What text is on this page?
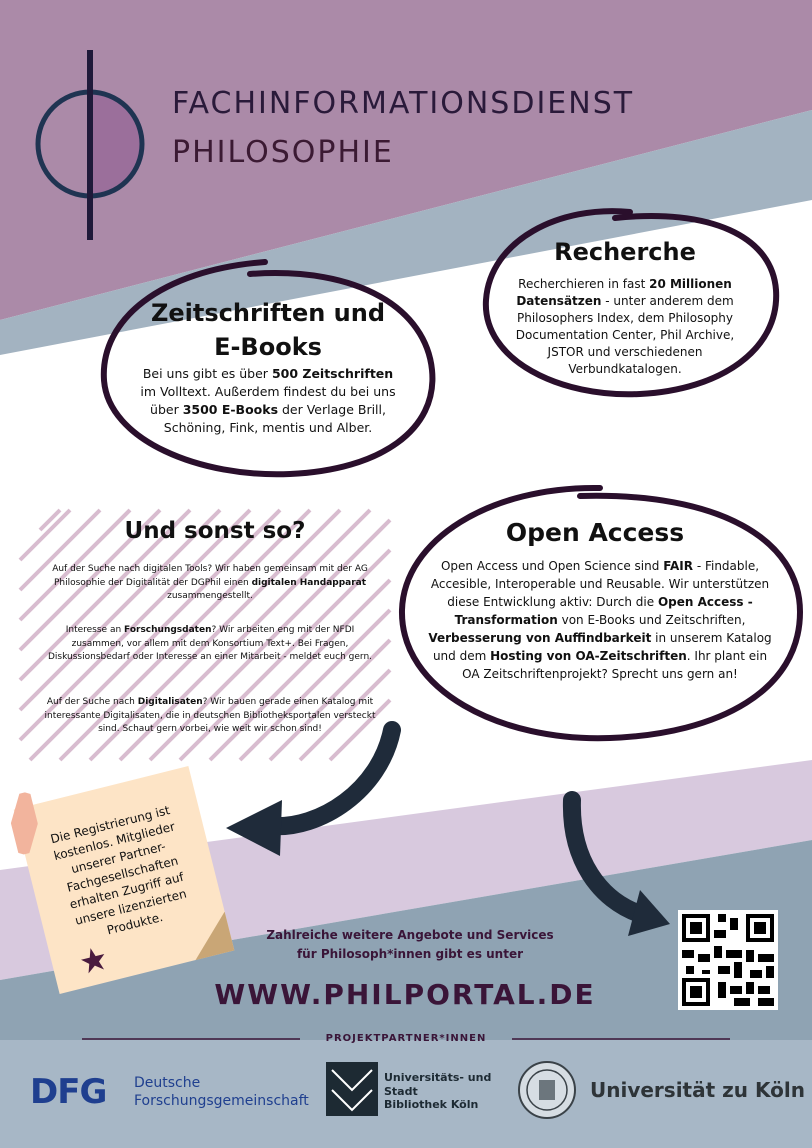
FACHINFORMATIONSDIENST
PHILOSOPHIE
Zeitschriften und E-Books
Bei uns gibt es über 500 Zeitschriften im Volltext. Außerdem findest du bei uns über 3500 E-Books der Verlage Brill, Schöning, Fink, mentis und Alber.
Recherche
Recherchieren in fast 20 Millionen Datensätzen - unter anderem dem Philosophers Index, dem Philosophy Documentation Center, Phil Archive, JSTOR und verschiedenen Verbundkatalogen.
Und sonst so?
Auf der Suche nach digitalen Tools? Wir haben gemeinsam mit der AG Philosophie der Digitalität der DGPhil einen digitalen Handapparat zusammengestellt.
Interesse an Forschungsdaten? Wir arbeiten eng mit der NFDI zusammen, vor allem mit dem Konsortium Text+. Bei Fragen, Diskussionsbedarf oder Interesse an einer Mitarbeit - meldet euch gern.
Auf der Suche nach Digitalisaten? Wir bauen gerade einen Katalog mit interessante Digitalisaten, die in deutschen Bibliotheksportalen versteckt sind. Schaut gern vorbei, wie weit wir schon sind!
Open Access
Open Access und Open Science sind FAIR - Findable, Accesible, Interoperable und Reusable. Wir unterstützen diese Entwicklung aktiv: Durch die Open Access -Transformation von E-Books und Zeitschriften, Verbesserung von Auffindbarkeit in unserem Katalog und dem Hosting von OA-Zeitschriften. Ihr plant ein OA Zeitschriftenprojekt? Sprecht uns gern an!
Die Registrierung ist kostenlos. Mitglieder unserer Partner-Fachgesellschaften erhalten Zugriff auf unsere lizenzierten Produkte.	Zahlreiche weitere Angebote und Services
für Philosoph*innen gibt es unter
WWW.PHILPORTAL.DE
PROJEKTPARTNER*INNEN
DFG Deutsche
Forschungsgemeinschaft
Universitäts- und
Stadt
Bibliothek Köln
Universität zu Köln
